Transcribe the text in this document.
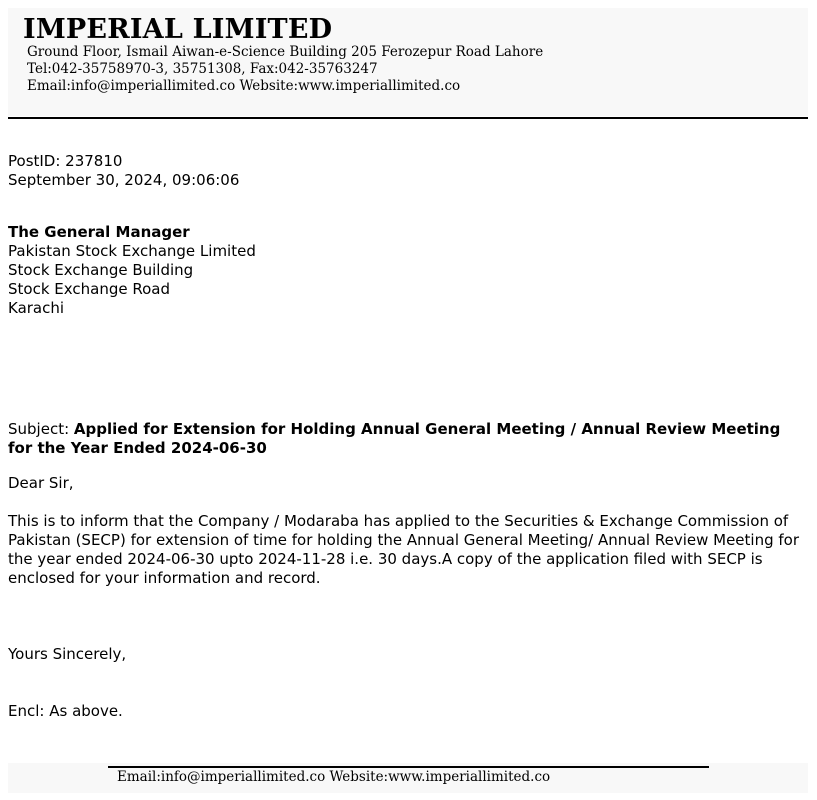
IMPERIAL LIMITED
Ground Floor, Ismail Aiwan-e-Science Building 205 Ferozepur Road Lahore
Tel:042-35758970-3, 35751308, Fax:042-35763247
Email:info@imperiallimited.co Website:www.imperiallimited.co
PostID: 237810
September 30, 2024, 09:06:06
The General Manager
Pakistan Stock Exchange Limited
Stock Exchange Building
Stock Exchange Road
Karachi
Subject: Applied for Extension for Holding Annual General Meeting / Annual Review Meeting for the Year Ended 2024-06-30
Dear Sir,
This is to inform that the Company / Modaraba has applied to the Securities & Exchange Commission of Pakistan (SECP) for extension of time for holding the Annual General Meeting/ Annual Review Meeting for the year ended 2024-06-30 upto 2024-11-28 i.e. 30 days.A copy of the application filed with SECP is enclosed for your information and record.
Yours Sincerely,
Encl: As above.
Email:info@imperiallimited.co Website:www.imperiallimited.co
